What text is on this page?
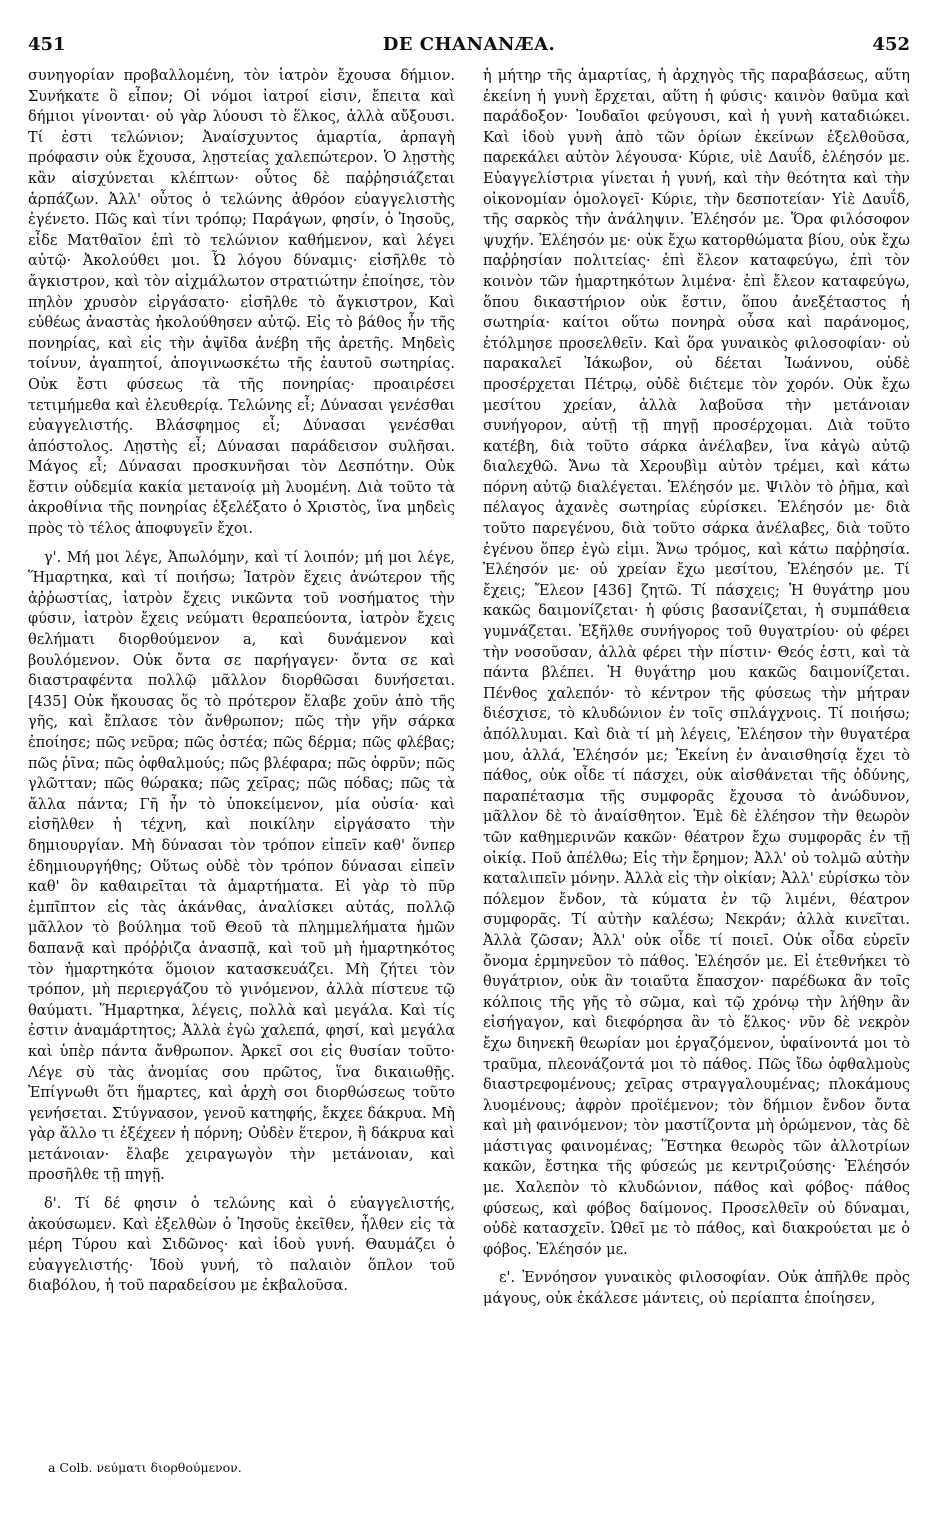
451	DE CHANANÆA.	452

συνηγορίαν προβαλλομένη, τὸν ἰατρὸν ἔχουσα δήμιον. Συνήκατε ὃ εἶπον; Οἱ νόμοι ἰατροί εἰσιν, ἔπειτα καὶ δήμιοι γίνονται· οὐ γὰρ λύουσι τὸ ἕλκος, ἀλλὰ αὔξουσι. Τί ἐστι τελώνιον; Ἀναίσχυντος ἁμαρτία, ἁρπαγὴ πρόφασιν οὐκ ἔχουσα, λῃστείας χαλεπώτερον. Ὁ λῃστὴς κἂν αἰσχύνεται κλέπτων· οὗτος δὲ παῤῥησιάζεται ἁρπάζων. Ἀλλ' οὗτος ὁ τελώνης ἀθρόον εὐαγγελιστὴς ἐγένετο. Πῶς καὶ τίνι τρόπῳ; Παράγων, φησίν, ὁ Ἰησοῦς, εἶδε Ματθαῖον ἐπὶ τὸ τελώνιον καθήμενον, καὶ λέγει αὐτῷ· Ἀκολούθει μοι. Ὦ λόγου δύναμις· εἰσῆλθε τὸ ἄγκιστρον, καὶ τὸν αἰχμάλωτον στρατιώτην ἐποίησε, τὸν πηλὸν χρυσὸν εἰργάσατο· εἰσῆλθε τὸ ἄγκιστρον, Καὶ εὐθέως ἀναστὰς ἠκολούθησεν αὐτῷ. Εἰς τὸ βάθος ἦν τῆς πονηρίας, καὶ εἰς τὴν ἀψῖδα ἀνέβη τῆς ἀρετῆς. Μηδεὶς τοίνυν, ἀγαπητοί, ἀπογινωσκέτω τῆς ἑαυτοῦ σωτηρίας. Οὐκ ἔστι φύσεως τὰ τῆς πονηρίας· προαιρέσει τετιμήμεθα καὶ ἐλευθερίᾳ. Τελώνης εἶ; Δύνασαι γενέσθαι εὐαγγελιστής. Βλάσφημος εἶ; Δύνασαι γενέσθαι ἀπόστολος. Λῃστὴς εἶ; Δύνασαι παράδεισον συλῆσαι. Μάγος εἶ; Δύνασαι προσκυνῆσαι τὸν Δεσπότην. Οὐκ ἔστιν οὐδεμία κακία μετανοίᾳ μὴ λυομένη. Διὰ τοῦτο τὰ ἀκροθίνια τῆς πονηρίας ἐξελέξατο ὁ Χριστὸς, ἵνα μηδεὶς πρὸς τὸ τέλος ἀποφυγεῖν ἔχοι.

γ'. Μή μοι λέγε, Ἀπωλόμην, καὶ τί λοιπόν; μή μοι λέγε, Ἥμαρτηκα, καὶ τί ποιήσω; Ἰατρὸν ἔχεις ἀνώτερον τῆς ἀῤῥωστίας, ἰατρὸν ἔχεις νικῶντα τοῦ νοσήματος τὴν φύσιν, ἰατρὸν ἔχεις νεύματι θεραπεύοντα, ἰατρὸν ἔχεις θελήματι διορθούμενον a, καὶ δυνάμενον καὶ βουλόμενον. Οὐκ ὄντα σε παρήγαγεν· ὄντα σε καὶ διαστραφέντα πολλῷ μᾶλλον διορθῶσαι δυνήσεται. [435] Οὐκ ἤκουσας ὅς τὸ πρότερον ἔλαβε χοῦν ἀπὸ τῆς γῆς, καὶ ἔπλασε τὸν ἄνθρωπον; πῶς τὴν γῆν σάρκα ἐποίησε; πῶς νεῦρα; πῶς ὀστέα; πῶς δέρμα; πῶς φλέβας; πῶς ῥῖνα; πῶς ὀφθαλμούς; πῶς βλέφαρα; πῶς ὀφρῦν; πῶς γλῶτταν; πῶς θώρακα; πῶς χεῖρας; πῶς πόδας; πῶς τὰ ἄλλα πάντα; Γῆ ἦν τὸ ὑποκείμενον, μία οὐσία· καὶ εἰσῆλθεν ἡ τέχνη, καὶ ποικίλην εἰργάσατο τὴν δημιουργίαν. Μὴ δύνασαι τὸν τρόπον εἰπεῖν καθ' ὅνπερ ἐδημιουργήθης; Οὕτως οὐδὲ τὸν τρόπον δύνασαι εἰπεῖν καθ' ὃν καθαιρεῖται τὰ ἁμαρτήματα. Εἰ γὰρ τὸ πῦρ ἐμπῖπτον εἰς τὰς ἀκάνθας, ἀναλίσκει αὐτάς, πολλῷ μᾶλλον τὸ βούλημα τοῦ Θεοῦ τὰ πλημμελήματα ἡμῶν δαπανᾷ καὶ πρόῤῥιζα ἀνασπᾷ, καὶ τοῦ μὴ ἡμαρτηκότος τὸν ἡμαρτηκότα ὅμοιον κατασκευάζει. Μὴ ζήτει τὸν τρόπον, μὴ περιεργάζου τὸ γινόμενον, ἀλλὰ πίστευε τῷ θαύματι. Ἥμαρτηκα, λέγεις, πολλὰ καὶ μεγάλα. Καὶ τίς ἐστιν ἀναμάρτητος; Ἀλλὰ ἐγὼ χαλεπά, φησί, καὶ μεγάλα καὶ ὑπὲρ πάντα ἄνθρωπον. Ἀρκεῖ σοι εἰς θυσίαν τοῦτο· Λέγε σὺ τὰς ἀνομίας σου πρῶτος, ἵνα δικαιωθῇς. Ἐπίγνωθι ὅτι ἥμαρτες, καὶ ἀρχὴ σοι διορθώσεως τοῦτο γενήσεται. Στύγνασον, γενοῦ κατηφής, ἔκχεε δάκρυα. Μὴ γὰρ ἄλλο τι ἐξέχεεν ἡ πόρνη; Οὐδὲν ἕτερον, ἢ δάκρυα καὶ μετάνοιαν· ἔλαβε χειραγωγὸν τὴν μετάνοιαν, καὶ προσῆλθε τῇ πηγῇ.

δ'. Τί δέ φησιν ὁ τελώνης καὶ ὁ εὐαγγελιστής, ἀκούσωμεν. Καὶ ἐξελθὼν ὁ Ἰησοῦς ἐκεῖθεν, ἦλθεν εἰς τὰ μέρη Τύρου καὶ Σιδῶνος· καὶ ἰδοὺ γυνή. Θαυμάζει ὁ εὐαγγελιστής· Ἰδοὺ γυνή, τὸ παλαιὸν ὅπλον τοῦ διαβόλου, ἡ τοῦ παραδείσου με ἐκβαλοῦσα.

ἡ μήτηρ τῆς ἁμαρτίας, ἡ ἀρχηγὸς τῆς παραβάσεως, αὕτη ἐκείνη ἡ γυνὴ ἔρχεται, αὕτη ἡ φύσις· καινὸν θαῦμα καὶ παράδοξον· Ἰουδαῖοι φεύγουσι, καὶ ἡ γυνὴ καταδιώκει. Καὶ ἰδοὺ γυνὴ ἀπὸ τῶν ὁρίων ἐκείνων ἐξελθοῦσα, παρεκάλει αὐτὸν λέγουσα· Κύριε, υἱὲ Δαυΐδ, ἐλέησόν με. Εὐαγγελίστρια γίνεται ἡ γυνή, καὶ τὴν θεότητα καὶ τὴν οἰκονομίαν ὁμολογεῖ· Κύριε, τὴν δεσποτείαν· Υἱὲ Δαυΐδ, τῆς σαρκὸς τὴν ἀνάληψιν. Ἐλέησόν με. Ὅρα φιλόσοφον ψυχήν. Ἐλέησόν με· οὐκ ἔχω κατορθώματα βίου, οὐκ ἔχω παῤῥησίαν πολιτείας· ἐπὶ ἔλεον καταφεύγω, ἐπὶ τὸν κοινὸν τῶν ἡμαρτηκότων λιμένα· ἐπὶ ἔλεον καταφεύγω, ὅπου δικαστήριον οὐκ ἔστιν, ὅπου ἀνεξέταστος ἡ σωτηρία· καίτοι οὕτω πονηρὰ οὖσα καὶ παράνομος, ἐτόλμησε προσελθεῖν. Καὶ ὅρα γυναικὸς φιλοσοφίαν· οὐ παρακαλεῖ Ἰάκωβον, οὐ δέεται Ἰωάννου, οὐδὲ προσέρχεται Πέτρῳ, οὐδὲ διέτεμε τὸν χορόν. Οὐκ ἔχω μεσίτου χρείαν, ἀλλὰ λαβοῦσα τὴν μετάνοιαν συνήγορον, αὐτῇ τῇ πηγῇ προσέρχομαι. Διὰ τοῦτο κατέβη, διὰ τοῦτο σάρκα ἀνέλαβεν, ἵνα κἀγὼ αὐτῷ διαλεχθῶ. Ἄνω τὰ Χερουβὶμ αὐτὸν τρέμει, καὶ κάτω πόρνη αὐτῷ διαλέγεται. Ἐλέησόν με. Ψιλὸν τὸ ῥῆμα, καὶ πέλαγος ἀχανὲς σωτηρίας εὑρίσκει. Ἐλέησόν με· διὰ τοῦτο παρεγένου, διὰ τοῦτο σάρκα ἀνέλαβες, διὰ τοῦτο ἐγένου ὅπερ ἐγὼ εἰμι. Ἄνω τρόμος, καὶ κάτω παῤῥησία. Ἐλέησόν με· οὐ χρείαν ἔχω μεσίτου, Ἐλέησόν με. Τί ἔχεις; Ἔλεον [436] ζητῶ. Τί πάσχεις; Ἡ θυγάτηρ μου κακῶς δαιμονίζεται· ἡ φύσις βασανίζεται, ἡ συμπάθεια γυμνάζεται. Ἐξῆλθε συνήγορος τοῦ θυγατρίου· οὐ φέρει τὴν νοσοῦσαν, ἀλλὰ φέρει τὴν πίστιν· Θεός ἐστι, καὶ τὰ πάντα βλέπει. Ἡ θυγάτηρ μου κακῶς δαιμονίζεται. Πένθος χαλεπόν· τὸ κέντρον τῆς φύσεως τὴν μήτραν διέσχισε, τὸ κλυδώνιον ἐν τοῖς σπλάγχνοις. Τί ποιήσω; ἀπόλλυμαι. Καὶ διὰ τί μὴ λέγεις, Ἐλέησον τὴν θυγατέρα μου, ἀλλά, Ἐλέησόν με; Ἐκείνη ἐν ἀναισθησίᾳ ἔχει τὸ πάθος, οὐκ οἶδε τί πάσχει, οὐκ αἰσθάνεται τῆς ὀδύνης, παραπέτασμα τῆς συμφορᾶς ἔχουσα τὸ ἀνώδυνον, μᾶλλον δὲ τὸ ἀναίσθητον. Ἐμὲ δὲ ἐλέησον τὴν θεωρὸν τῶν καθημερινῶν κακῶν· θέατρον ἔχω συμφορᾶς ἐν τῇ οἰκίᾳ. Ποῦ ἀπέλθω; Εἰς τὴν ἔρημον; Ἀλλ' οὐ τολμῶ αὐτὴν καταλιπεῖν μόνην. Ἀλλὰ εἰς τὴν οἰκίαν; Ἀλλ' εὑρίσκω τὸν πόλεμον ἔνδον, τὰ κύματα ἐν τῷ λιμένι, θέατρον συμφορᾶς. Τί αὐτὴν καλέσω; Νεκράν; ἀλλὰ κινεῖται. Ἀλλὰ ζῶσαν; Ἀλλ' οὐκ οἶδε τί ποιεῖ. Οὐκ οἶδα εὑρεῖν ὄνομα ἑρμηνεῦον τὸ πάθος. Ἐλέησόν με. Εἰ ἐτεθνήκει τὸ θυγάτριον, οὐκ ἂν τοιαῦτα ἔπασχον· παρέδωκα ἂν τοῖς κόλποις τῆς γῆς τὸ σῶμα, καὶ τῷ χρόνῳ τὴν λήθην ἂν εἰσήγαγον, καὶ διεφόρησα ἂν τὸ ἕλκος· νῦν δὲ νεκρὸν ἔχω διηνεκῆ θεωρίαν μοι ἐργαζόμενον, ὑφαίνοντά μοι τὸ τραῦμα, πλεονάζοντά μοι τὸ πάθος. Πῶς ἴδω ὀφθαλμοὺς διαστρεφομένους; χεῖρας στραγγαλουμένας; πλοκάμους λυομένους; ἀφρὸν προϊέμενον; τὸν δήμιον ἔνδον ὄντα καὶ μὴ φαινόμενον; τὸν μαστίζοντα μὴ ὁρώμενον, τὰς δὲ μάστιγας φαινομένας; Ἕστηκα θεωρὸς τῶν ἀλλοτρίων κακῶν, ἔστηκα τῆς φύσεώς με κεντριζούσης· Ἐλέησόν με. Χαλεπὸν τὸ κλυδώνιον, πάθος καὶ φόβος· πάθος φύσεως, καὶ φόβος δαίμονος. Προσελθεῖν οὐ δύναμαι, οὐδὲ κατασχεῖν. Ὠθεῖ με τὸ πάθος, καὶ διακρούεται με ὁ φόβος. Ἐλέησόν με.

ε'. Ἐννόησον γυναικὸς φιλοσοφίαν. Οὐκ ἀπῆλθε πρὸς μάγους, οὐκ ἐκάλεσε μάντεις, οὐ περίαπτα ἐποίησεν,

a Colb. νεύματι διορθούμενον.
